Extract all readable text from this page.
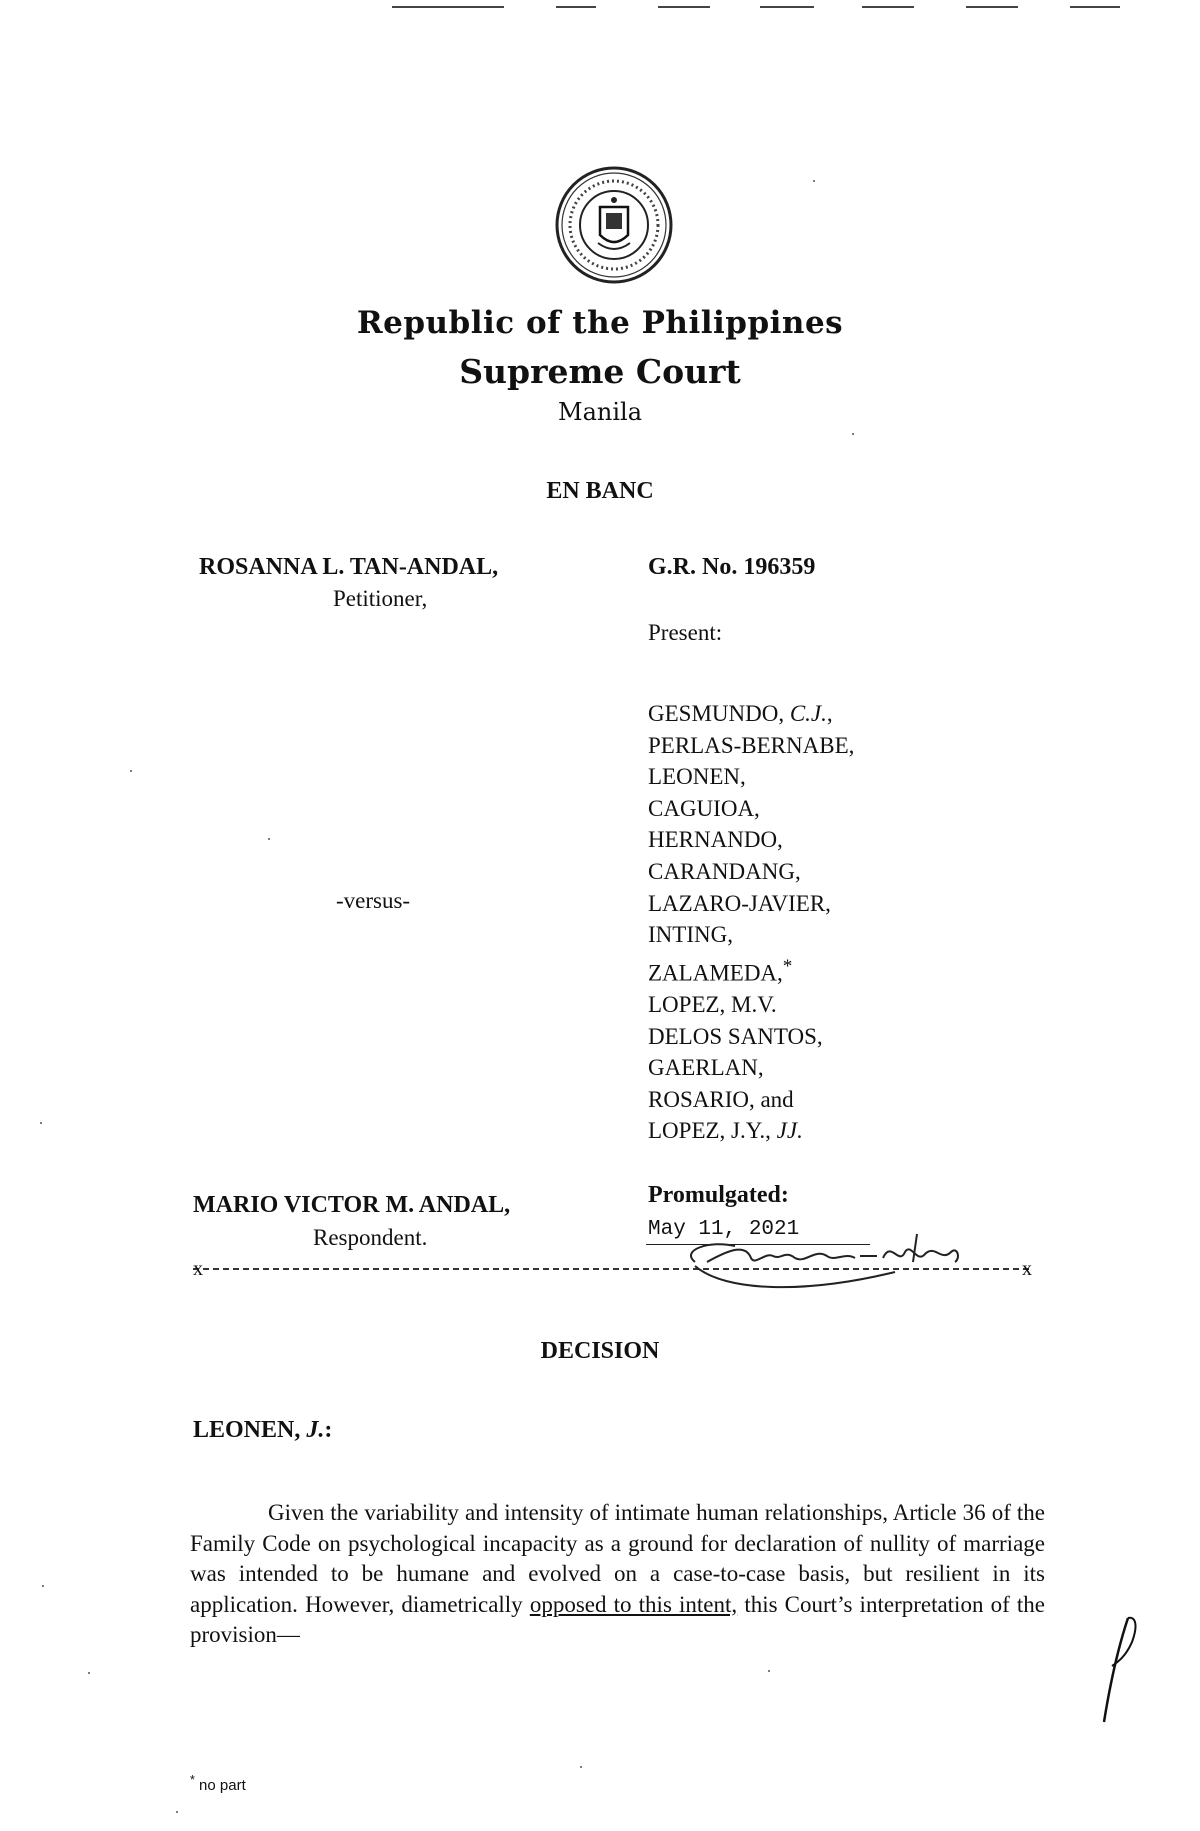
Republic of the Philippines
Supreme Court
Manila
EN BANC
ROSANNA L. TAN-ANDAL,
Petitioner,
-versus-
MARIO VICTOR M. ANDAL,
Respondent.
G.R. No. 196359
Present:
GESMUNDO, C.J.,
PERLAS-BERNABE,
LEONEN,
CAGUIOA,
HERNANDO,
CARANDANG,
LAZARO-JAVIER,
INTING,
ZALAMEDA,*
LOPEZ, M.V.
DELOS SANTOS,
GAERLAN,
ROSARIO, and
LOPEZ, J.Y., JJ.
Promulgated:
May 11, 2021
x	x
DECISION
LEONEN, J.:

Given the variability and intensity of intimate human relationships, Article 36 of the Family Code on psychological incapacity as a ground for declaration of nullity of marriage was intended to be humane and evolved on a case-to-case basis, but resilient in its application. However, diametrically opposed to this intent, this Court’s interpretation of the provision—

* no part
